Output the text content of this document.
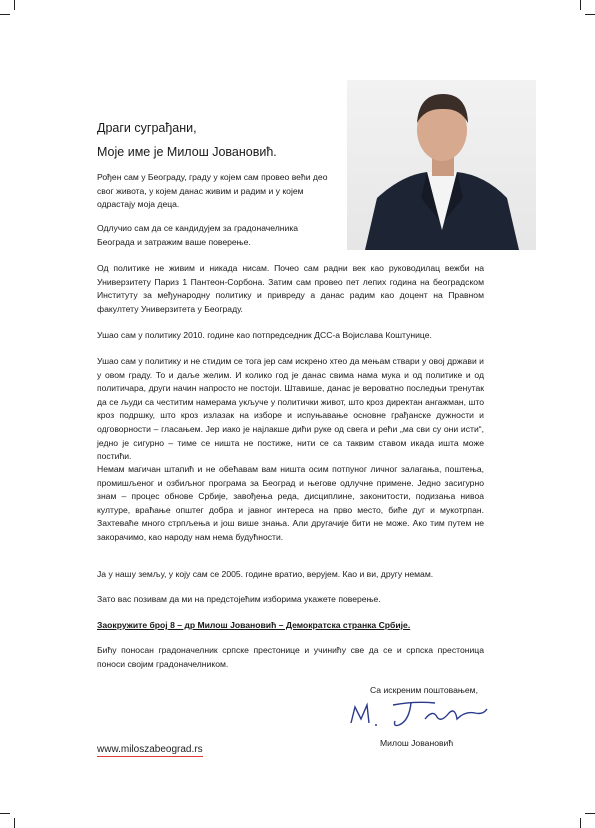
Драги суграђани,
Моје име је Милош Јовановић.

Рођен сам у Београду, граду у којем сам провео већи део свог живота, у којем данас живим и радим и у којем одрастају моја деца.

Одлучио сам да се кандидујем за градоначелника Београда и затражим ваше поверење.

Од политике не живим и никада нисам. Почео сам радни век као руководилац вежби на Универзитету Париз 1 Пантеон-Сорбона. Затим сам провео пет лепих година на београдском Институту за међународну политику и привреду а данас радим као доцент на Правном факултету Универзитета у Београду.

Ушао сам у политику 2010. године као потпредседник ДСС-а Војислава Коштунице.

Ушао сам у политику и не стидим се тога јер сам искрено хтео да мењам ствари у овој држави и у овом граду. То и даље желим. И колико год је данас свима нама мука и од политике и од политичара, други начин напросто не постоји. Штавише, данас је вероватно последњи тренутак да се људи са честитим намерама укључе у политички живот, што кроз директан ангажман, што кроз подршку, што кроз излазак на изборе и испуњавање основне грађанске дужности и одговорности – гласањем. Јер иако је најлакше дићи руке од свега и рећи „ма сви су они исти“, једно је сигурно – тиме се ништа не постиже, нити се са таквим ставом икада ишта може постићи.

Немам магичан штапић и не обећавам вам ништа осим потпуног личног залагања, поштења, промишљеног и озбиљног програма за Београд и његове одлучне примене. Једно засигурно знам – процес обнове Србије, завођења реда, дисциплине, законитости, подизања нивоа културе, враћање општег добра и јавног интереса на прво место, биће дуг и мукотрпан. Захтеваће много стрпљења и још више знања. Али другачије бити не може. Ако тим путем не закорачимо, као народу нам нема будућности.

Ја у нашу земљу, у коју сам се 2005. године вратио, верујем. Као и ви, другу немам.

Зато вас позивам да ми на предстојећим изборима укажете поверење.

Заокружите број 8 – др Милош Јовановић – Демократска странка Србије.

Бићу поносан градоначелник српске престонице и учинићу све да се и српска престоница поноси својим градоначелником.

Са искреним поштовањем,
Милош Јовановић
www.miloszabeograd.rs
